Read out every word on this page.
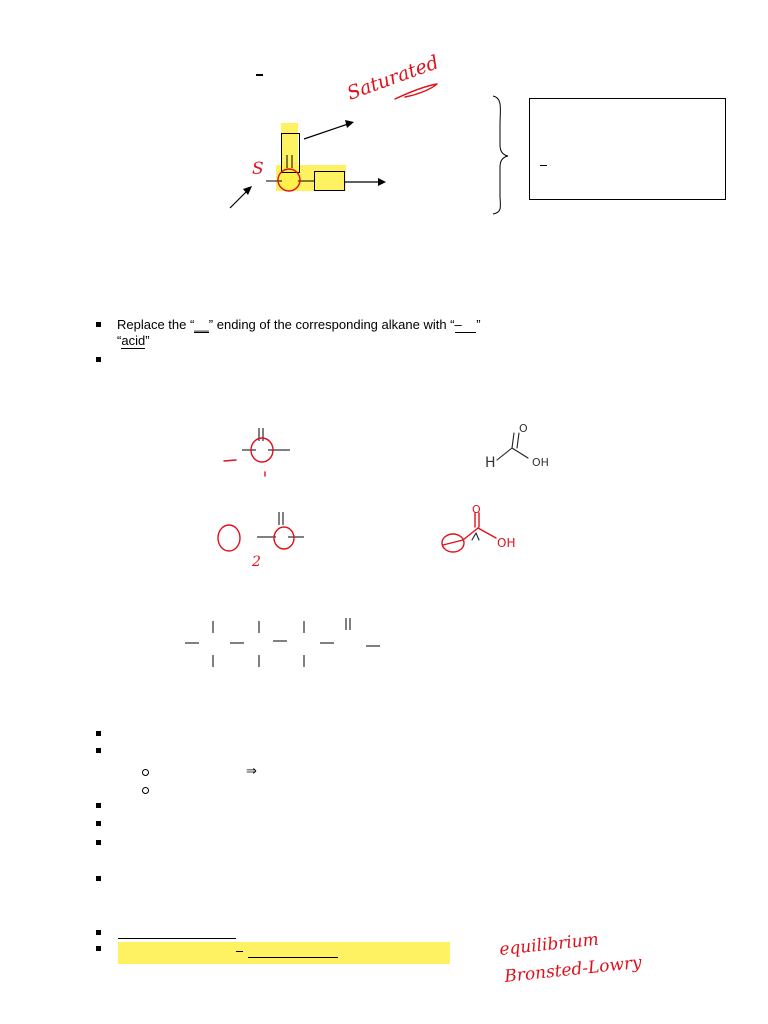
S
Saturated
Replace the “__” ending of the corresponding alkane with “–    ”
“acid”
H
O
OH
2
O
OH
⇒
equilibrium
Bronsted-Lowry
